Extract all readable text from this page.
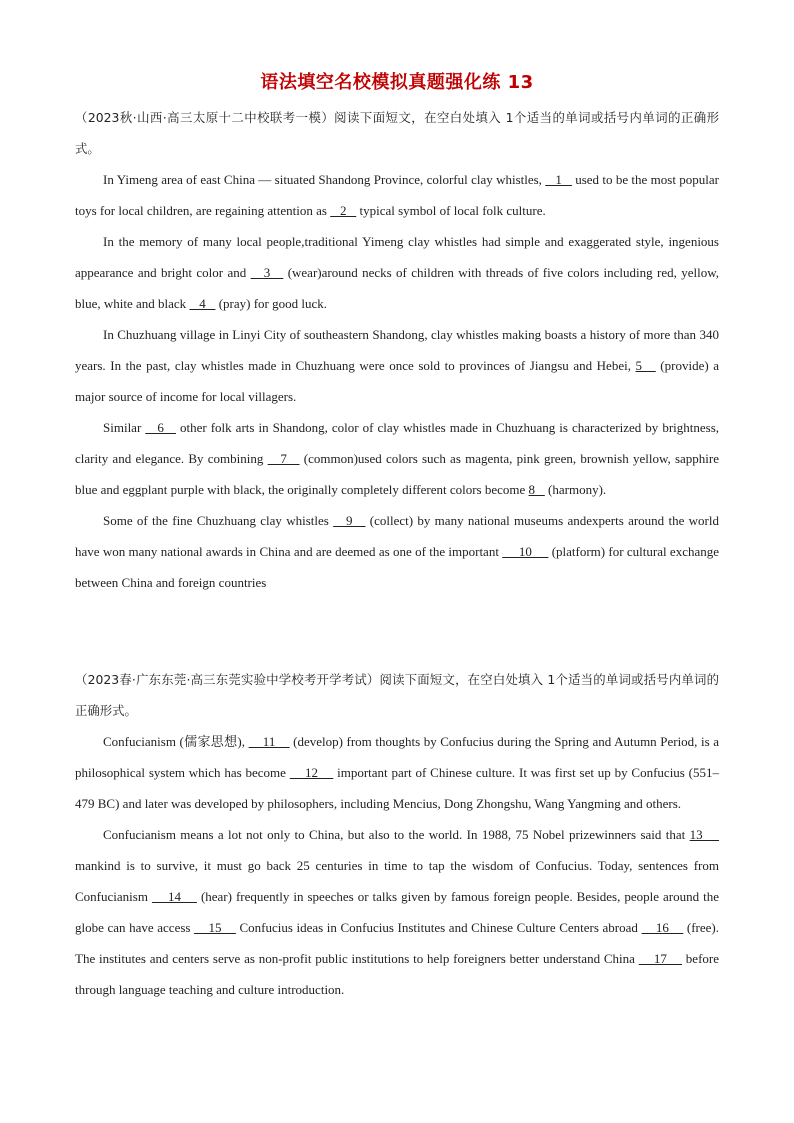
语法填空名校模拟真题强化练 13

（2023秋·山西·高三太原十二中校联考一模）阅读下面短文，在空白处填入 1个适当的单词或括号内单词的正确形式。

In Yimeng area of east China — situated Shandong Province, colorful clay whistles,    1    used to be the most popular toys for local children, are regaining attention as    2    typical symbol of local folk culture.

In the memory of many local people,traditional Yimeng clay whistles had simple and exaggerated style, ingenious appearance and bright color and    3    (wear)around necks of children with threads of five colors including red, yellow, blue, white and black    4    (pray) for good luck.

In Chuzhuang village in Linyi City of southeastern Shandong, clay whistles making boasts a history of more than 340 years. In the past, clay whistles made in Chuzhuang were once sold to provinces of Jiangsu and Hebei, 5    (provide) a major source of income for local villagers.

Similar    6    other folk arts in Shandong, color of clay whistles made in Chuzhuang is characterized by brightness, clarity and elegance. By combining    7    (common)used colors such as magenta, pink green, brownish yellow, sapphire blue and eggplant purple with black, the originally completely different colors become 8    (harmony).

Some of the fine Chuzhuang clay whistles    9    (collect) by many national museums andexperts around the world have won many national awards in China and are deemed as one of the important      10      (platform) for cultural exchange between China and foreign countries

（2023春·广东东莞·高三东莞实验中学校考开学考试）阅读下面短文，在空白处填入 1个适当的单词或括号内单词的正确形式。

Confucianism (儒家思想),     11     (develop) from thoughts by Confucius during the Spring and Autumn Period, is a philosophical system which has become     12     important part of Chinese culture. It was first set up by Confucius (551–479 BC) and later was developed by philosophers, including Mencius, Dong Zhongshu, Wang Yangming and others.

Confucianism means a lot not only to China, but also to the world. In 1988, 75 Nobel prizewinners said that 13     mankind is to survive, it must go back 25 centuries in time to tap the wisdom of Confucius. Today, sentences from Confucianism     14     (hear) frequently in speeches or talks given by famous foreign people. Besides, people around the globe can have access     15     Confucius ideas in Confucius Institutes and Chinese Culture Centers abroad     16     (free). The institutes and centers serve as non-profit public institutions to help foreigners better understand China     17     before through language teaching and culture introduction.
